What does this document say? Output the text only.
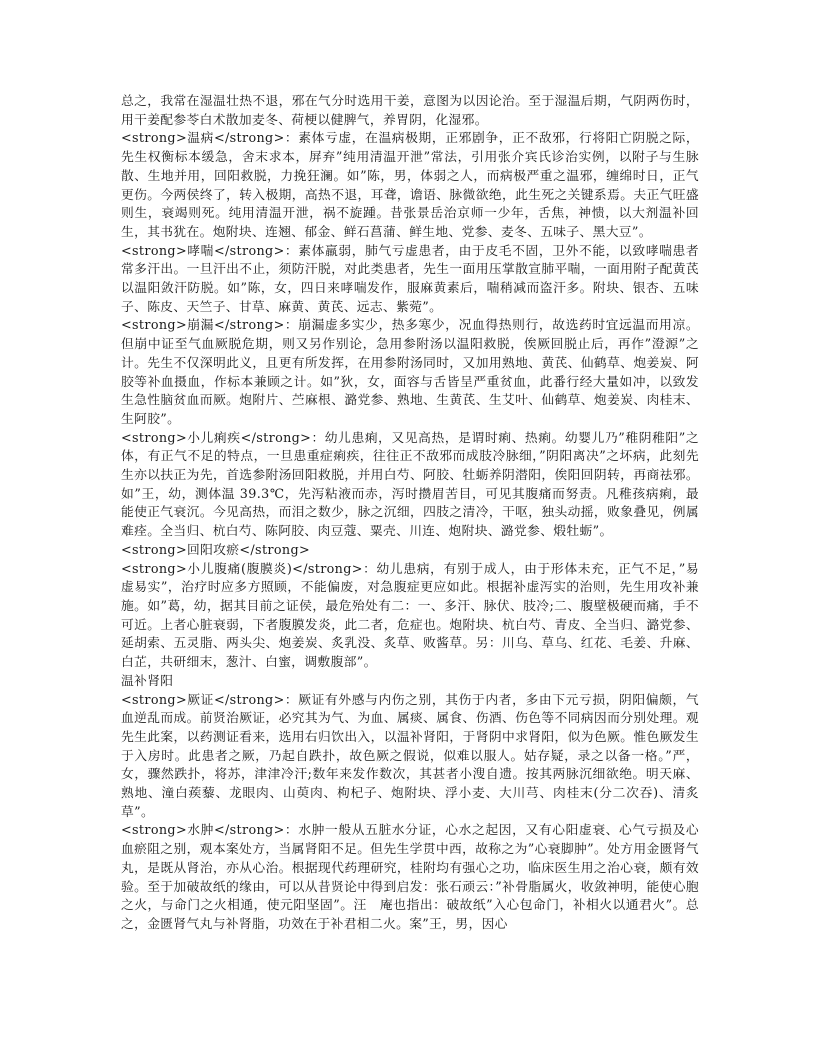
总之，我常在湿温壮热不退，邪在气分时选用干姜，意图为以因论治。至于湿温后期，气阴两伤时，用干姜配参苓白术散加麦冬、荷梗以健脾气，养胃阴，化湿邪。

<strong>温病</strong>：素体亏虚，在温病极期，正邪剧争，正不敌邪，行将阳亡阴脱之际，先生权衡标本缓急，舍末求本，屏弃”纯用清温开泄”常法，引用张介宾氏诊治实例，以附子与生脉散、生地并用，回阳救脱，力挽狂澜。如”陈，男，体弱之人，而病极严重之温邪，缠绵时日，正气更伤。今两侯终了，转入极期，高热不退，耳聋，谵语、脉微欲绝，此生死之关键系焉。夫正气旺盛则生，衰竭则死。纯用清温开泄，祸不旋踵。昔张景岳治京师一少年，舌焦，神愦，以大剂温补回生，其书犹在。炮附块、连翘、郁金、鲜石菖蒲、鲜生地、党参、麦冬、五味子、黑大豆”。

<strong>哮喘</strong>：素体羸弱，肺气亏虚患者，由于皮毛不固，卫外不能，以致哮喘患者常多汗出。一旦汗出不止，须防汗脱，对此类患者，先生一面用压掌散宣肺平喘，一面用附子配黄芪以温阳敛汗防脱。如”陈，女，四日来哮喘发作，服麻黄素后，喘稍减而盗汗多。附块、银杏、五味子、陈皮、天竺子、甘草、麻黄、黄芪、远志、紫菀”。

<strong>崩漏</strong>：崩漏虚多实少，热多寒少，况血得热则行，故选药时宜远温而用凉。但崩中证至气血厥脱危期，则又另作别论，急用参附汤以温阳救脱，俟厥回脱止后，再作”澄源”之计。先生不仅深明此义，且更有所发挥，在用参附汤同时，又加用熟地、黄芪、仙鹤草、炮姜炭、阿胶等补血摄血，作标本兼顾之计。如”狄，女，面容与舌皆呈严重贫血，此番行经大量如冲，以致发生急性脑贫血而厥。炮附片、苎麻根、潞党参、熟地、生黄芪、生艾叶、仙鹤草、炮姜炭、肉桂末、生阿胶”。

<strong>小儿痢疾</strong>：幼儿患痢，又见高热，是谓时痢、热痢。幼婴儿乃”稚阴稚阳”之体，有正气不足的特点，一旦患重症痢疾，往往正不敌邪而成肢冷脉细，”阴阳离决”之坏病，此刻先生亦以扶正为先，首选参附汤回阳救脱，并用白芍、阿胶、牡蛎养阴潜阳，俟阳回阴转，再商祛邪。如”王，幼，测体温 39.3℃，先泻粘液而赤，泻时攒眉苦目，可见其腹痛而努责。凡稚孩病痢，最能使正气衰沉。今见高热，而泪之数少，脉之沉细，四肢之清冷，干呕，独头动摇，败象叠见，例属难痊。全当归、杭白芍、陈阿胶、肉豆蔻、粟壳、川连、炮附块、潞党参、煅牡蛎”。

<strong>回阳攻瘀</strong>

<strong>小儿腹痛(腹膜炎)</strong>：幼儿患病，有别于成人，由于形体未充，正气不足，”易虚易实”，治疗时应多方照顾，不能偏废，对急腹症更应如此。根据补虚泻实的治则，先生用攻补兼施。如”葛，幼，据其目前之证侯，最危殆处有二：一、多汗、脉伏、肢冷;二、腹壁极硬而痛，手不可近。上者心脏衰弱，下者腹膜发炎，此二者，危症也。炮附块、杭白芍、青皮、全当归、潞党参、延胡索、五灵脂、两头尖、炮姜炭、炙乳没、炙草、败酱草。另：川乌、草乌、红花、毛姜、升麻、白芷，共研细末，葱汁、白蜜，调敷腹部”。

温补肾阳

<strong>厥证</strong>：厥证有外感与内伤之别，其伤于内者，多由下元亏损，阴阳偏颇，气血逆乱而成。前贤治厥证，必究其为气、为血、属痰、属食、伤酒、伤色等不同病因而分别处理。观先生此案，以药测证看来，选用右归饮出入，以温补肾阳，于肾阴中求肾阳，似为色厥。惟色厥发生于入房时。此患者之厥，乃起自跌扑，故色厥之假说，似难以服人。姑存疑，录之以备一格。”严，女，骤然跌扑，将苏，津津冷汗;数年来发作数次，其甚者小溲自遗。按其两脉沉细欲绝。明天麻、熟地、潼白蒺藜、龙眼肉、山萸肉、枸杞子、炮附块、浮小麦、大川芎、肉桂末(分二次吞)、清炙草”。

<strong>水肿</strong>：水肿一般从五脏水分证，心水之起因，又有心阳虚衰、心气亏损及心血瘀阻之别，观本案处方，当属肾阳不足。但先生学贯中西，故称之为”心衰脚肿”。处方用金匮肾气丸，是既从肾治，亦从心治。根据现代药理研究，桂附均有强心之功，临床医生用之治心衰，颇有效验。至于加破故纸的缘由，可以从昔贤论中得到启发：张石顽云：”补骨脂属火，收敛神明，能使心胞之火，与命门之火相通，使元阳坚固”。汪　庵也指出：破故纸”入心包命门，补相火以通君火”。总之，金匮肾气丸与补肾脂，功效在于补君相二火。案”王，男，因心
